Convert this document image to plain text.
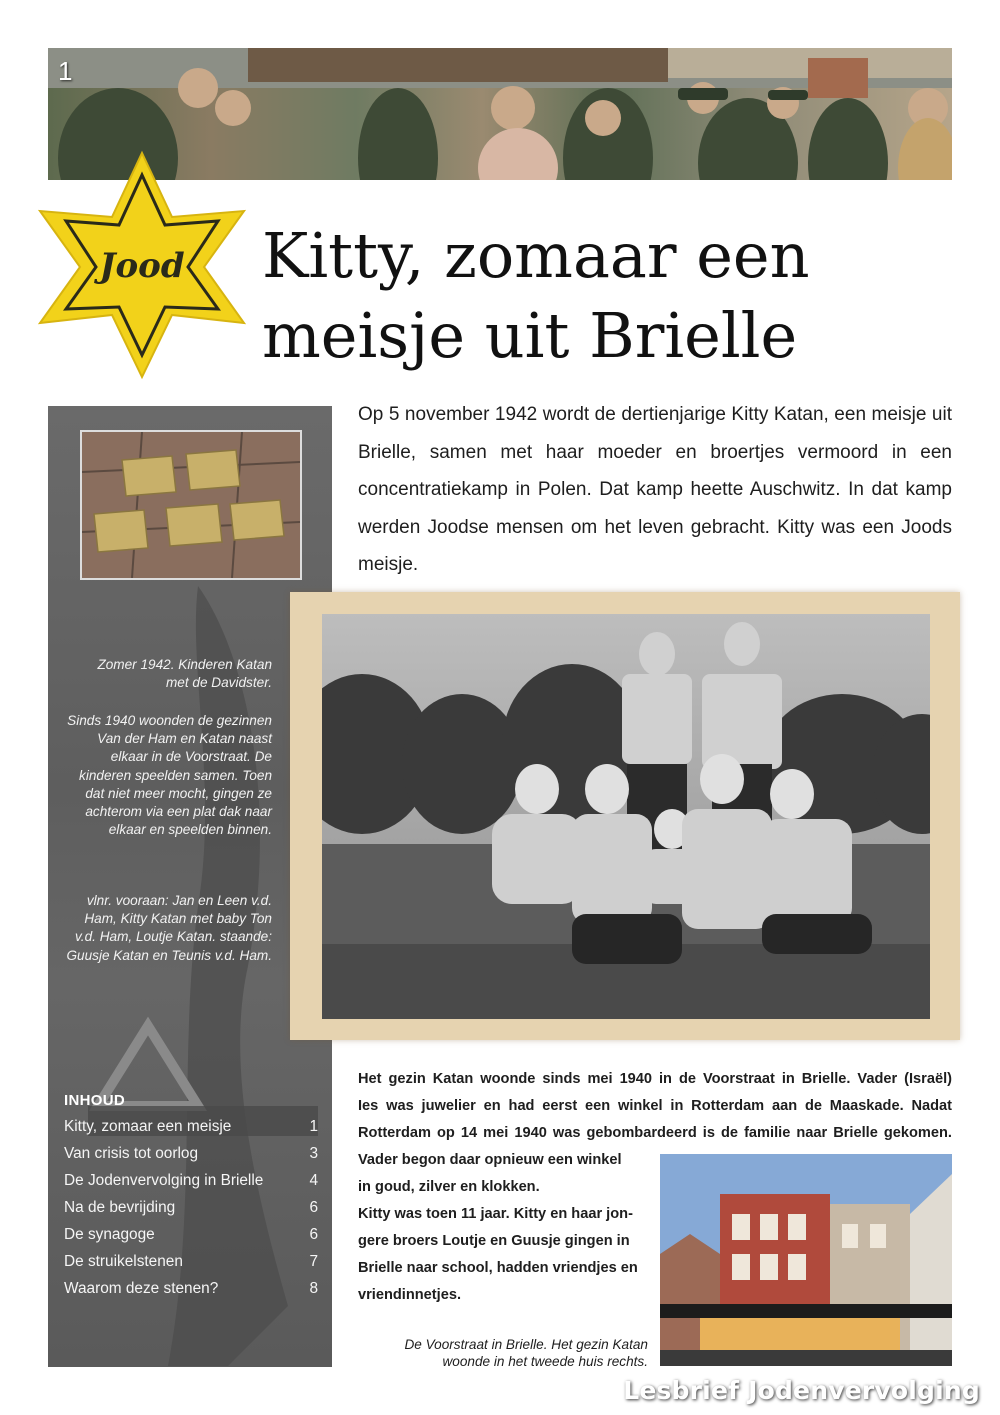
1
Lesbrief Jodenvervolging
Jood Kitty, zomaar een
meisje uit Brielle

Zomer 1942. Kinderen Katan met de Davidster.

Sinds 1940 woonden de gezinnen Van der Ham en Katan naast elkaar in de Voorstraat. De kinderen speelden samen. Toen dat niet meer mocht, gingen ze achterom via een plat dak naar elkaar en speelden binnen.

vlnr. vooraan: Jan en Leen v.d. Ham, Kitty Katan met baby Ton v.d. Ham, Loutje Katan. staande: Guusje Katan en Teunis v.d. Ham.

INHOUD

Kitty, zomaar een meisje	1
Van crisis tot oorlog	3
De Jodenvervolging in Brielle	4
Na de bevrijding	6
De synagoge	6
De struikelstenen	7
Waarom deze stenen?	8

Op 5 november 1942 wordt de dertienjarige Kitty Katan, een meisje uit Brielle, samen met haar moeder en broertjes vermoord in een concentratiekamp in Polen. Dat kamp heette Auschwitz. In dat kamp werden Joodse mensen om het leven gebracht. Kitty was een Joods meisje.

Het gezin Katan woonde sinds mei 1940 in de Voorstraat in Brielle. Vader (Israël)
Ies was juwelier en had eerst een winkel in Rotterdam aan de Maaskade. Nadat
Rotterdam op 14 mei 1940 was gebombardeerd is de familie naar Brielle gekomen.
Vader begon daar opnieuw een winkel
in goud, zilver en klokken.
Kitty was toen 11 jaar. Kitty en haar jon-
gere broers Loutje en Guusje gingen in
Brielle naar school, hadden vriendjes en
vriendinnetjes.

De Voorstraat in Brielle. Het gezin Katan woonde in het tweede huis rechts.
